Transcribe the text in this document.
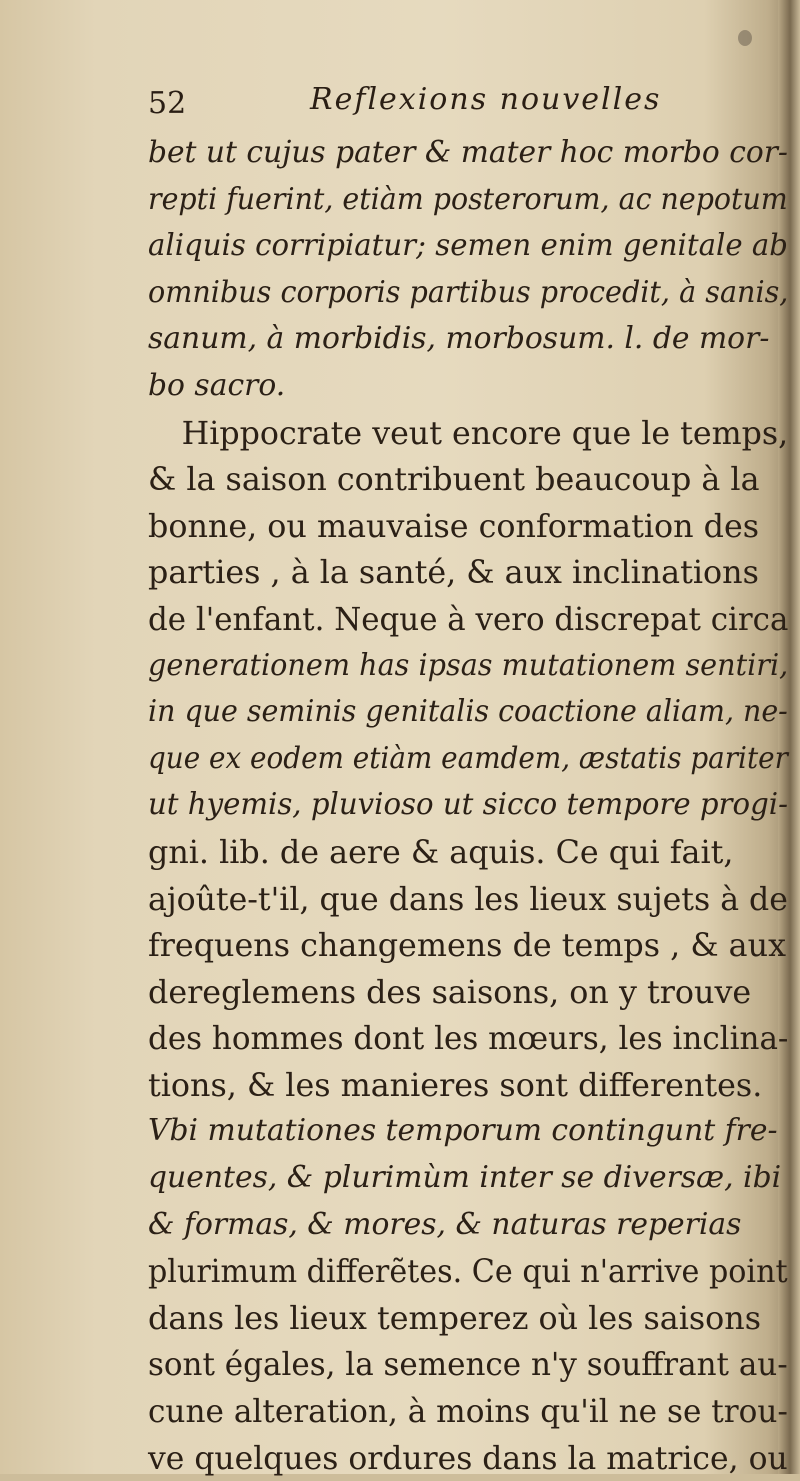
52	Reflexions nouvelles
bet ut cujus pater & mater hoc morbo cor-
repti fuerint, etiàm posterorum, ac nepotum
aliquis corripiatur; semen enim genitale ab
omnibus corporis partibus procedit, à sanis,
sanum, à morbidis, morbosum. l. de mor-
bo sacro.
Hippocrate veut encore que le temps,
& la saison contribuent beaucoup à la
bonne, ou mauvaise conformation des
parties , à la santé, & aux inclinations
de l'enfant. Neque à vero discrepat circa
generationem has ipsas mutationem sentiri,
in que seminis genitalis coactione aliam, ne-
que ex eodem etiàm eamdem, æstatis pariter
ut hyemis, pluvioso ut sicco tempore progi-
gni. lib. de aere & aquis. Ce qui fait,
ajoûte-t'il, que dans les lieux sujets à de
frequens changemens de temps , & aux
dereglemens des saisons, on y trouve
des hommes dont les mœurs, les inclina-
tions, & les manieres sont differentes.
Vbi mutationes temporum contingunt fre-
quentes, & plurimùm inter se diversæ, ibi
& formas, & mores, & naturas reperias
plurimum differẽtes. Ce qui n'arrive point
dans les lieux temperez où les saisons
sont égales, la semence n'y souffrant au-
cune alteration, à moins qu'il ne se trou-
ve quelques ordures dans la matrice, ou
